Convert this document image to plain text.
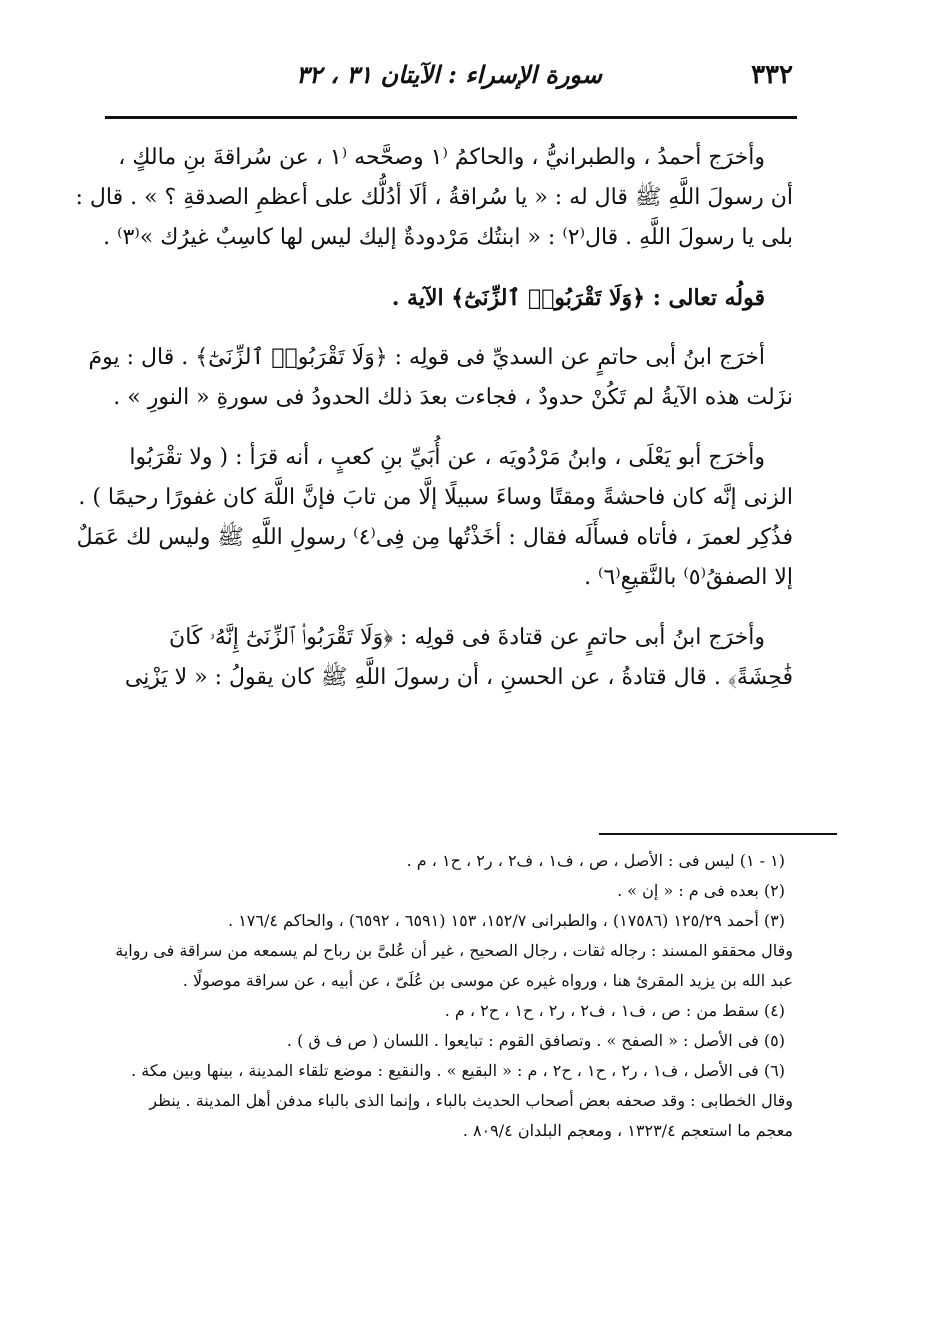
٣٣٢
سورة الإسراء : الآيتان ٣١ ، ٣٢
وأخرَج أحمدُ ، والطبرانيُّ ، والحاكمُ ⁽١ وصحَّحه ⁽١ ، عن سُراقةَ بنِ مالكٍ ،
أن رسولَ اللَّهِ ﷺ قال له : « يا سُراقةُ ، ألَا أدُلُّك على أعظمِ الصدقةِ ؟ » . قال :
بلى يا رسولَ اللَّهِ . قال⁽٢⁾ : « ابنتُك مَرْدودةٌ إليك ليس لها كاسِبٌ غيرُك »⁽٣⁾ .
قولُه تعالى : ﴿وَلَا تَقْرَبُوا۟ ٱلزِّنَىٰٓ﴾ الآية .
أخرَج ابنُ أبى حاتمٍ عن السديِّ فى قولِه : ﴿وَلَا تَقْرَبُوا۟ ٱلزِّنَىٰٓ﴾ . قال : يومَ
نزَلت هذه الآيةُ لم تَكُنْ حدودٌ ، فجاءت بعدَ ذلك الحدودُ فى سورةِ « النورِ » .
وأخرَج أبو يَعْلَى ، وابنُ مَرْدُويَه ، عن أُبَيِّ بنِ كعبٍ ، أنه قرَأ : ( ولا تقْرَبُوا
الزنى إنَّه كان فاحشةً ومقتًا وساءَ سبيلًا إلَّا من تابَ فإنَّ اللَّهَ كان غفورًا رحيمًا ) .
فذُكِر لعمرَ ، فأتاه فسأَلَه فقال : أخَذْتُها مِن فِى⁽٤⁾ رسولِ اللَّهِ ﷺ وليس لك عَمَلٌ
إلا الصفقُ⁽٥⁾ بالنَّقيعِ⁽٦⁾ .
وأخرَج ابنُ أبى حاتمٍ عن قتادةَ فى قولِه : ﴿وَلَا تَقْرَبُوا۟ ٱلزِّنَىٰٓ إِنَّهُۥ كَانَ
فَٰحِشَةً﴾ . قال قتادةُ ، عن الحسنِ ، أن رسولَ اللَّهِ ﷺ كان يقولُ : « لا يَزْنِى
(١ - ١) ليس فى : الأصل ، ص ، ف١ ، ف٢ ، ر٢ ، ح١ ، م .
(٢) بعده فى م : « إن » .
(٣) أحمد ١٢٥/٢٩ (١٧٥٨٦) ، والطبرانى ١٥٢/٧، ١٥٣ (٦٥٩١ ، ٦٥٩٢) ، والحاكم ١٧٦/٤ .
وقال محققو المسند : رجاله ثقات ، رجال الصحيح ، غير أن عُلىَّ بن رباح لم يسمعه من سراقة فى رواية
عبد الله بن يزيد المقرئ هنا ، ورواه غيره عن موسى بن عُلَىّ ، عن أبيه ، عن سراقة موصولًا .
(٤) سقط من : ص ، ف١ ، ف٢ ، ر٢ ، ح١ ، ح٢ ، م .
(٥) فى الأصل : « الصفح » . وتصافق القوم : تبايعوا . اللسان ( ص ف ق ) .
(٦) فى الأصل ، ف١ ، ر٢ ، ح١ ، ح٢ ، م : « البقيع » . والنقيع : موضع تلقاء المدينة ، بينها وبين مكة .
وقال الخطابى : وقد صحفه بعض أصحاب الحديث بالباء ، وإنما الذى بالباء مدفن أهل المدينة . ينظر
معجم ما استعجم ١٣٢٣/٤ ، ومعجم البلدان ٨٠٩/٤ .
